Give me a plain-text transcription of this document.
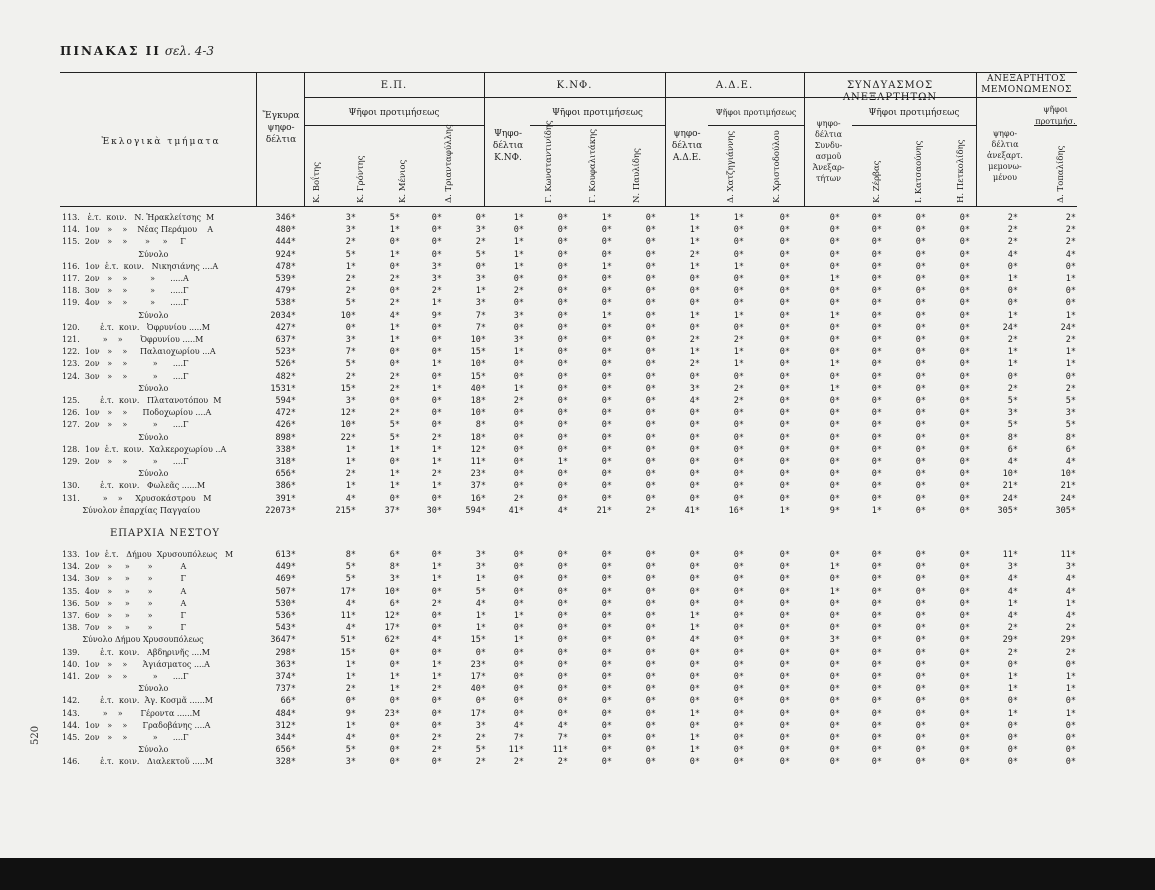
ΠΙΝΑΚΑΣ II σελ. 4-3
Ἐκλογικὰ τμήματα
Ἔγκυρα
ψηφο-
δέλτια
Ε.Π.
Ψῆφοι προτιμήσεως
Κ.ΝΦ.
Ψηφο-
δέλτια
Κ.ΝΦ.
Ψῆφοι προτιμήσεως
Α.Δ.Ε.
ψηφο-
δέλτια
Α.Δ.Ε.
Ψῆφοι προτιμήσεως
ΣΥΝΔΥΑΣΜΟΣ ΑΝΕΞΑΡΤΗΤΩΝ
ψηφο-
δέλτια
Συνδυ-
ασμοῦ
Ἀνεξαρ-
τήτων
Ψῆφοι προτιμήσεως
ΑΝΕΞΑΡΤΗΤΟΣ ΜΕΜΟΝΩΜΕΝΟΣ
ψηφο-
δέλτια
ἀνεξαρτ.
μεμονω-
μένου
ψῆφοι προτιμήσ.
Κ. Βοΐτης	Κ. Γρόντης	Κ. Μένιος	Δ. Τριανταφύλλης	Γ. Κωνσταντινίδης	Γ. Κουφαλιτάκης	Ν. Παυλίδης	Δ. Χατζηγιάννης	Κ. Χριστοδούλου	Κ. Ζέρβας	Ι. Κατσαούνης	Η. Πετκολίδης	Δ. Τοπαλίδης
113.   ἑ.τ.  κοιν.   Ν. Ἡρακλείτσης  Μ	346*	3*	5*	0*	0*	1*	0*	1*	0*	1*	1*	0*	0*	0*	0*	0*	2*	2*
114.  1ον   »    »    Νέας Περάμου    Α	480*	3*	1*	0*	3*	0*	0*	0*	0*	1*	0*	0*	0*	0*	0*	0*	2*	2*
115.  2ον   »    »       »     »     Γ	444*	2*	0*	0*	2*	1*	0*	0*	0*	1*	0*	0*	0*	0*	0*	0*	2*	2*
Σύνολο	924*	5*	1*	0*	5*	1*	0*	0*	0*	2*	0*	0*	0*	0*	0*	0*	4*	4*
116.  1ον  ἑ.τ.  κοιν.   Νικησιάνης ....Α	478*	1*	0*	3*	0*	1*	0*	1*	0*	1*	1*	0*	0*	0*	0*	0*	0*	0*
117.  2ον   »    »         »      .....Α	539*	2*	2*	3*	3*	0*	0*	0*	0*	0*	0*	0*	1*	0*	0*	0*	1*	1*
118.  3ον   »    »         »      .....Γ	479*	2*	0*	2*	1*	2*	0*	0*	0*	0*	0*	0*	0*	0*	0*	0*	0*	0*
119.  4ον   »    »         »      .....Γ	538*	5*	2*	1*	3*	0*	0*	0*	0*	0*	0*	0*	0*	0*	0*	0*	0*	0*
Σύνολο	2034*	10*	4*	9*	7*	3*	0*	1*	0*	1*	1*	0*	1*	0*	0*	0*	1*	1*
120.        ἑ.τ.  κοιν.   Ὀφρυνίου .....Μ	427*	0*	1*	0*	7*	0*	0*	0*	0*	0*	0*	0*	0*	0*	0*	0*	24*	24*
121.         »    »       Ὀφρυνίου .....Μ	637*	3*	1*	0*	10*	3*	0*	0*	0*	2*	2*	0*	0*	0*	0*	0*	2*	2*
122.  1ον   »    »     Παλαιοχωρίου ...Α	523*	7*	0*	0*	15*	1*	0*	0*	0*	1*	1*	0*	0*	0*	0*	0*	1*	1*
123.  2ον   »    »          »      ....Γ	526*	5*	0*	1*	10*	0*	0*	0*	0*	2*	1*	0*	1*	0*	0*	0*	1*	1*
124.  3ον   »    »          »      ....Γ	482*	2*	2*	0*	15*	0*	0*	0*	0*	0*	0*	0*	0*	0*	0*	0*	0*	0*
Σύνολο	1531*	15*	2*	1*	40*	1*	0*	0*	0*	3*	2*	0*	1*	0*	0*	0*	2*	2*
125.        ἑ.τ.  κοιν.   Πλατανοτόπου  Μ	594*	3*	0*	0*	18*	2*	0*	0*	0*	4*	2*	0*	0*	0*	0*	0*	5*	5*
126.  1ον   »    »      Ποδοχωρίου ....Α	472*	12*	2*	0*	10*	0*	0*	0*	0*	0*	0*	0*	0*	0*	0*	0*	3*	3*
127.  2ον   »    »          »      ....Γ	426*	10*	5*	0*	8*	0*	0*	0*	0*	0*	0*	0*	0*	0*	0*	0*	5*	5*
Σύνολο	898*	22*	5*	2*	18*	0*	0*	0*	0*	0*	0*	0*	0*	0*	0*	0*	8*	8*
128.  1ον  ἑ.τ.  κοιν.  Χαλκεροχωρίου ..Α	338*	1*	1*	1*	12*	0*	0*	0*	0*	0*	0*	0*	0*	0*	0*	0*	6*	6*
129.  2ον   »    »          »      ....Γ	318*	1*	0*	1*	11*	0*	1*	0*	0*	0*	0*	0*	0*	0*	0*	0*	4*	4*
Σύνολο	656*	2*	1*	2*	23*	0*	0*	0*	0*	0*	0*	0*	0*	0*	0*	0*	10*	10*
130.        ἑ.τ.  κοιν.   Φωλεᾶς ......Μ	386*	1*	1*	1*	37*	0*	0*	0*	0*	0*	0*	0*	0*	0*	0*	0*	21*	21*
131.         »    »     Χρυσοκάστρου   Μ	391*	4*	0*	0*	16*	2*	0*	0*	0*	0*	0*	0*	0*	0*	0*	0*	24*	24*
Σύνολον ἐπαρχίας Παγγαίου	22073*	215*	37*	30*	594*	41*	4*	21*	2*	41*	16*	1*	9*	1*	0*	0*	305*	305*
ΕΠΑΡΧΙΑ ΝΕΣΤΟΥ
133.  1ον  ἑ.τ.   Δήμου  Χρυσουπόλεως   Μ	613*	8*	6*	0*	3*	0*	0*	0*	0*	0*	0*	0*	0*	0*	0*	0*	11*	11*
134.  2ον   »     »       »           Α	449*	5*	8*	1*	3*	0*	0*	0*	0*	0*	0*	0*	1*	0*	0*	0*	3*	3*
134.  3ον   »     »       »           Γ	469*	5*	3*	1*	1*	0*	0*	0*	0*	0*	0*	0*	0*	0*	0*	0*	4*	4*
135.  4ον   »     »       »           Α	507*	17*	10*	0*	5*	0*	0*	0*	0*	0*	0*	0*	1*	0*	0*	0*	4*	4*
136.  5ον   »     »       »           Α	530*	4*	6*	2*	4*	0*	0*	0*	0*	0*	0*	0*	0*	0*	0*	0*	1*	1*
137.  6ον   »     »       »           Γ	536*	11*	12*	0*	1*	1*	0*	0*	0*	1*	0*	0*	0*	0*	0*	0*	4*	4*
138.  7ον   »     »       »           Γ	543*	4*	17*	0*	1*	0*	0*	0*	0*	1*	0*	0*	0*	0*	0*	0*	2*	2*
Σύνολο Δήμου Χρυσουπόλεως	3647*	51*	62*	4*	15*	1*	0*	0*	0*	4*	0*	0*	3*	0*	0*	0*	29*	29*
139.        ἑ.τ.  κοιν.   Αβδηρινῆς ....Μ	298*	15*	0*	0*	0*	0*	0*	0*	0*	0*	0*	0*	0*	0*	0*	0*	2*	2*
140.  1ον   »    »      Ἀγιάσματος ....Α	363*	1*	0*	1*	23*	0*	0*	0*	0*	0*	0*	0*	0*	0*	0*	0*	0*	0*
141.  2ον   »    »          »      ....Γ	374*	1*	1*	1*	17*	0*	0*	0*	0*	0*	0*	0*	0*	0*	0*	0*	1*	1*
Σύνολο	737*	2*	1*	2*	40*	0*	0*	0*	0*	0*	0*	0*	0*	0*	0*	0*	1*	1*
142.        ἑ.τ.  κοιν.  Ἀγ. Κοσμᾶ ......Μ	66*	0*	0*	0*	0*	0*	0*	0*	0*	0*	0*	0*	0*	0*	0*	0*	0*	0*
143.         »    »       Γέροντα ......Μ	484*	9*	23*	0*	17*	0*	0*	0*	0*	1*	0*	0*	0*	0*	0*	0*	1*	1*
144.  1ον   »    »      Γραδοβάνης ....Α	312*	1*	0*	0*	3*	4*	4*	0*	0*	0*	0*	0*	0*	0*	0*	0*	0*	0*
145.  2ον   »    »          »      ....Γ	344*	4*	0*	2*	2*	7*	7*	0*	0*	1*	0*	0*	0*	0*	0*	0*	0*	0*
Σύνολο	656*	5*	0*	2*	5*	11*	11*	0*	0*	1*	0*	0*	0*	0*	0*	0*	0*	0*
146.        ἑ.τ.  κοιν.   Διαλεκτοῦ .....Μ	328*	3*	0*	0*	2*	2*	2*	0*	0*	0*	0*	0*	0*	0*	0*	0*	0*	0*
520
